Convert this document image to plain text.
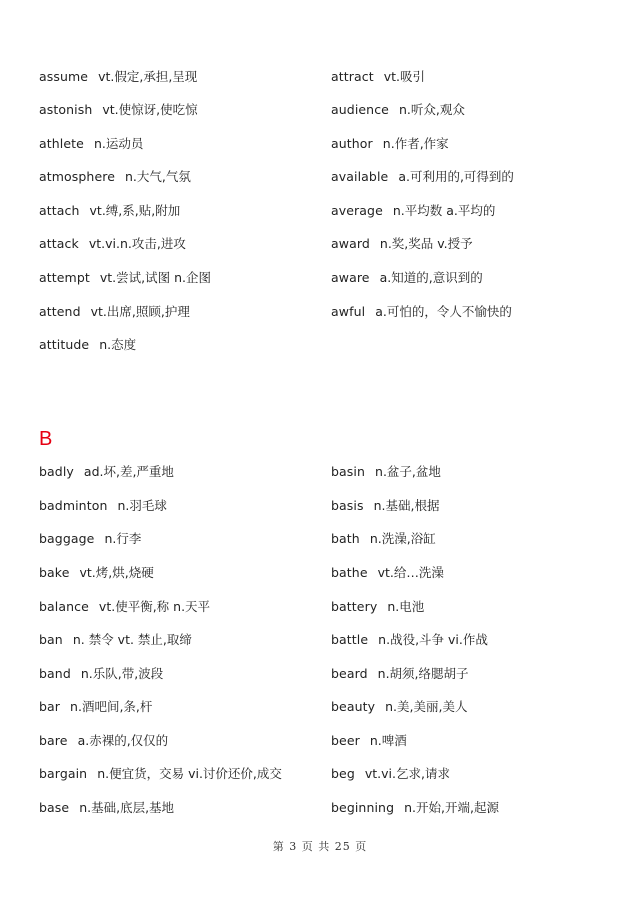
assume vt.假定,承担,呈现
astonish vt.使惊讶,使吃惊
athlete n.运动员
atmosphere n.大气,气氛
attach vt.缚,系,贴,附加
attack vt.vi.n.攻击,进攻
attempt vt.尝试,试图 n.企图
attend vt.出席,照顾,护理
attitude n.态度
attract vt.吸引
audience n.听众,观众
author n.作者,作家
available a.可利用的,可得到的
average n.平均数 a.平均的
award n.奖,奖品 v.授予
aware a.知道的,意识到的
awful a.可怕的，令人不愉快的
B
badly ad.坏,差,严重地
badminton n.羽毛球
baggage n.行李
bake vt.烤,烘,烧硬
balance vt.使平衡,称 n.天平
ban n. 禁令 vt. 禁止,取缔
band n.乐队,带,波段
bar n.酒吧间,条,杆
bare a.赤裸的,仅仅的
bargain n.便宜货，交易 vi.讨价还价,成交
base n.基础,底层,基地
basin n.盆子,盆地
basis n.基础,根据
bath n.洗澡,浴缸
bathe vt.给…洗澡
battery n.电池
battle n.战役,斗争 vi.作战
beard n.胡须,络腮胡子
beauty n.美,美丽,美人
beer n.啤酒
beg vt.vi.乞求,请求
beginning n.开始,开端,起源
第 3 页 共 25 页
